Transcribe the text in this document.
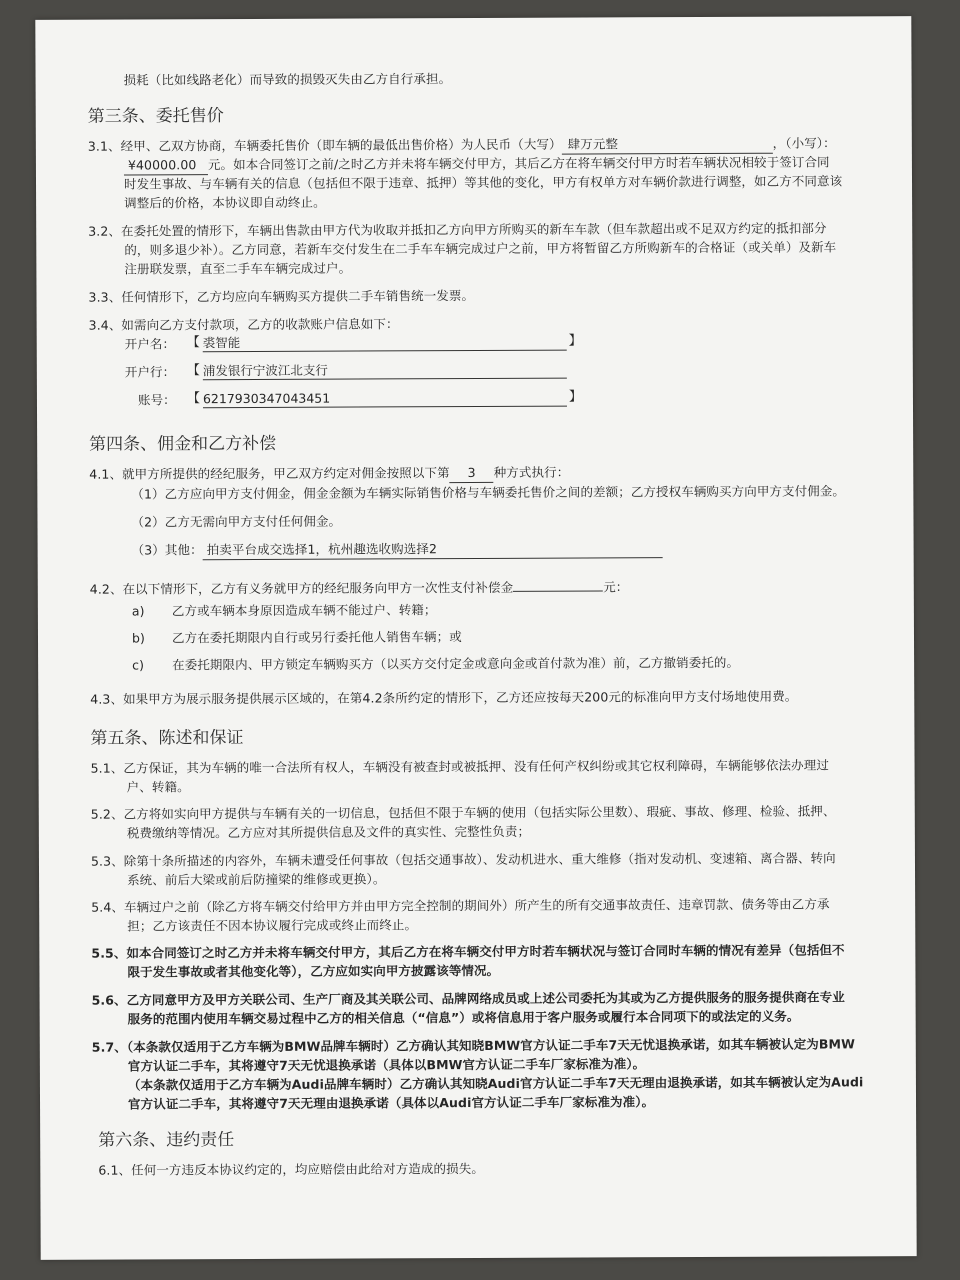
损耗（比如线路老化）而导致的损毁灭失由乙方自行承担。
第三条、委托售价
3.1、经甲、乙双方协商，车辆委托售价（即车辆的最低出售价格）为人民币（大写） 肆万元整	，（小写）：
¥40000.00 元。如本合同签订之前/之时乙方并未将车辆交付甲方，其后乙方在将车辆交付甲方时若车辆状况相较于签订合同
时发生事故、与车辆有关的信息（包括但不限于违章、抵押）等其他的变化，甲方有权单方对车辆价款进行调整，如乙方不同意该
调整后的价格，本协议即自动终止。
3.2、在委托处置的情形下，车辆出售款由甲方代为收取并抵扣乙方向甲方所购买的新车车款（但车款超出或不足双方约定的抵扣部分
的，则多退少补）。乙方同意，若新车交付发生在二手车车辆完成过户之前，甲方将暂留乙方所购新车的合格证（或关单）及新车
注册联发票，直至二手车车辆完成过户。
3.3、任何情形下，乙方均应向车辆购买方提供二手车销售统一发票。
3.4、如需向乙方支付款项，乙方的收款账户信息如下：
开户名： 【 裘智能	】
开户行： 【 浦发银行宁波江北支行
账号： 【 6217930347043451	】
第四条、佣金和乙方补偿
4.1、就甲方所提供的经纪服务，甲乙双方约定对佣金按照以下第 3 种方式执行：
（1）乙方应向甲方支付佣金，佣金金额为车辆实际销售价格与车辆委托售价之间的差额；乙方授权车辆购买方向甲方支付佣金。
（2）乙方无需向甲方支付任何佣金。
（3）其他： 拍卖平台成交选择1，杭州趣选收购选择2
4.2、在以下情形下，乙方有义务就甲方的经纪服务向甲方一次性支付补偿金	元：
a) 乙方或车辆本身原因造成车辆不能过户、转籍；
b) 乙方在委托期限内自行或另行委托他人销售车辆；或
c) 在委托期限内、甲方锁定车辆购买方（以买方交付定金或意向金或首付款为准）前，乙方撤销委托的。
4.3、如果甲方为展示服务提供展示区域的，在第4.2条所约定的情形下，乙方还应按每天200元的标准向甲方支付场地使用费。
第五条、陈述和保证
5.1、乙方保证，其为车辆的唯一合法所有权人，车辆没有被查封或被抵押、没有任何产权纠纷或其它权利障碍，车辆能够依法办理过
户、转籍。
5.2、乙方将如实向甲方提供与车辆有关的一切信息，包括但不限于车辆的使用（包括实际公里数）、瑕疵、事故、修理、检验、抵押、
税费缴纳等情况。乙方应对其所提供信息及文件的真实性、完整性负责；
5.3、除第十条所描述的内容外，车辆未遭受任何事故（包括交通事故）、发动机进水、重大维修（指对发动机、变速箱、离合器、转向
系统、前后大梁或前后防撞梁的维修或更换）。
5.4、车辆过户之前（除乙方将车辆交付给甲方并由甲方完全控制的期间外）所产生的所有交通事故责任、违章罚款、债务等由乙方承
担；乙方该责任不因本协议履行完成或终止而终止。
5.5、如本合同签订之时乙方并未将车辆交付甲方，其后乙方在将车辆交付甲方时若车辆状况与签订合同时车辆的情况有差异（包括但不
限于发生事故或者其他变化等），乙方应如实向甲方披露该等情况。
5.6、乙方同意甲方及甲方关联公司、生产厂商及其关联公司、品牌网络成员或上述公司委托为其或为乙方提供服务的服务提供商在专业
服务的范围内使用车辆交易过程中乙方的相关信息（“信息”）或将信息用于客户服务或履行本合同项下的或法定的义务。
5.7、（本条款仅适用于乙方车辆为BMW品牌车辆时）乙方确认其知晓BMW官方认证二手车7天无忧退换承诺，如其车辆被认定为BMW
官方认证二手车，其将遵守7天无忧退换承诺（具体以BMW官方认证二手车厂家标准为准）。
（本条款仅适用于乙方车辆为Audi品牌车辆时）乙方确认其知晓Audi官方认证二手车7天无理由退换承诺，如其车辆被认定为Audi
官方认证二手车，其将遵守7天无理由退换承诺（具体以Audi官方认证二手车厂家标准为准）。
第六条、违约责任
6.1、任何一方违反本协议约定的，均应赔偿由此给对方造成的损失。
